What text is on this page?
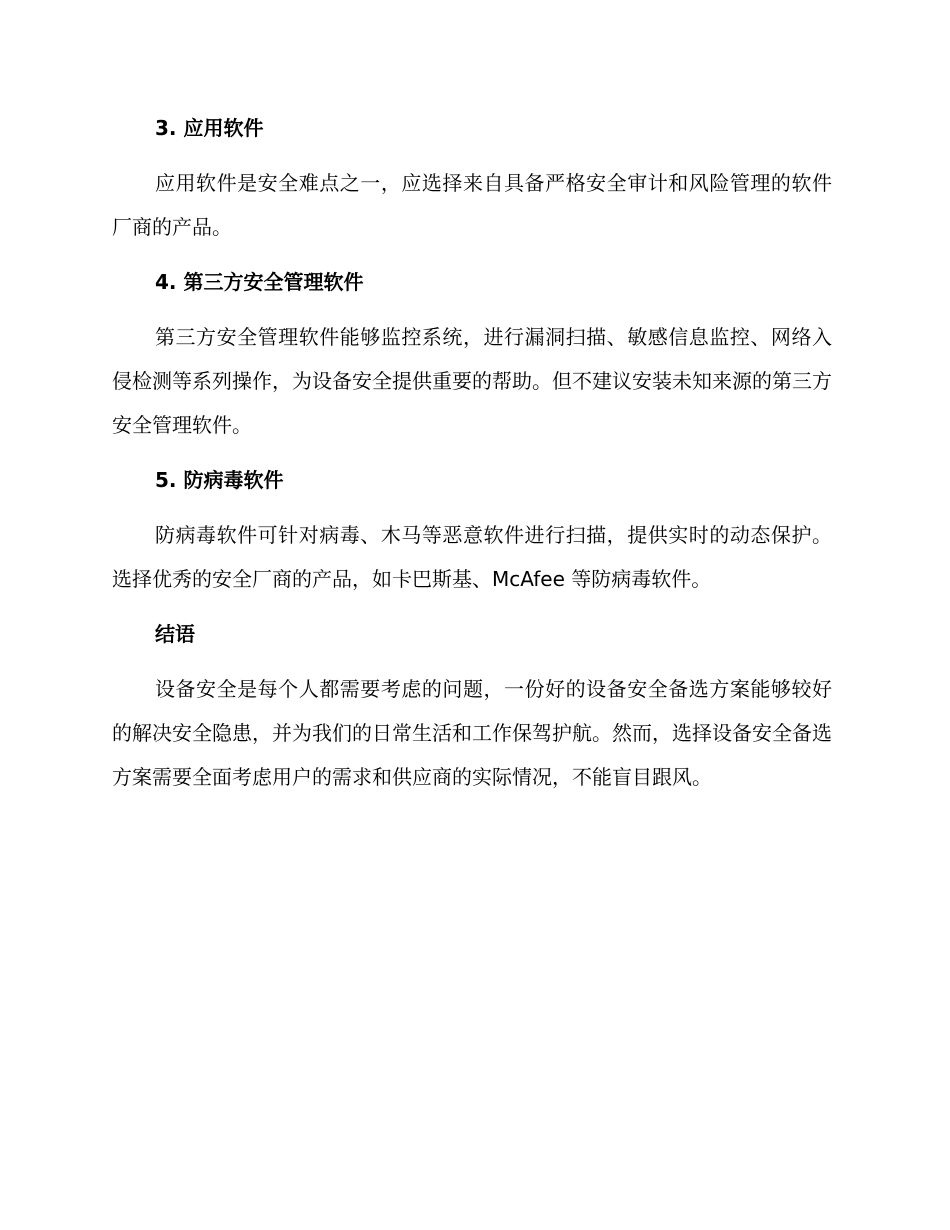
3. 应用软件

应用软件是安全难点之一，应选择来自具备严格安全审计和风险管理的软件厂商的产品。

4. 第三方安全管理软件

第三方安全管理软件能够监控系统，进行漏洞扫描、敏感信息监控、网络入侵检测等系列操作，为设备安全提供重要的帮助。但不建议安装未知来源的第三方安全管理软件。

5. 防病毒软件

防病毒软件可针对病毒、木马等恶意软件进行扫描，提供实时的动态保护。选择优秀的安全厂商的产品，如卡巴斯基、McAfee 等防病毒软件。

结语

设备安全是每个人都需要考虑的问题，一份好的设备安全备选方案能够较好的解决安全隐患，并为我们的日常生活和工作保驾护航。然而，选择设备安全备选方案需要全面考虑用户的需求和供应商的实际情况，不能盲目跟风。
